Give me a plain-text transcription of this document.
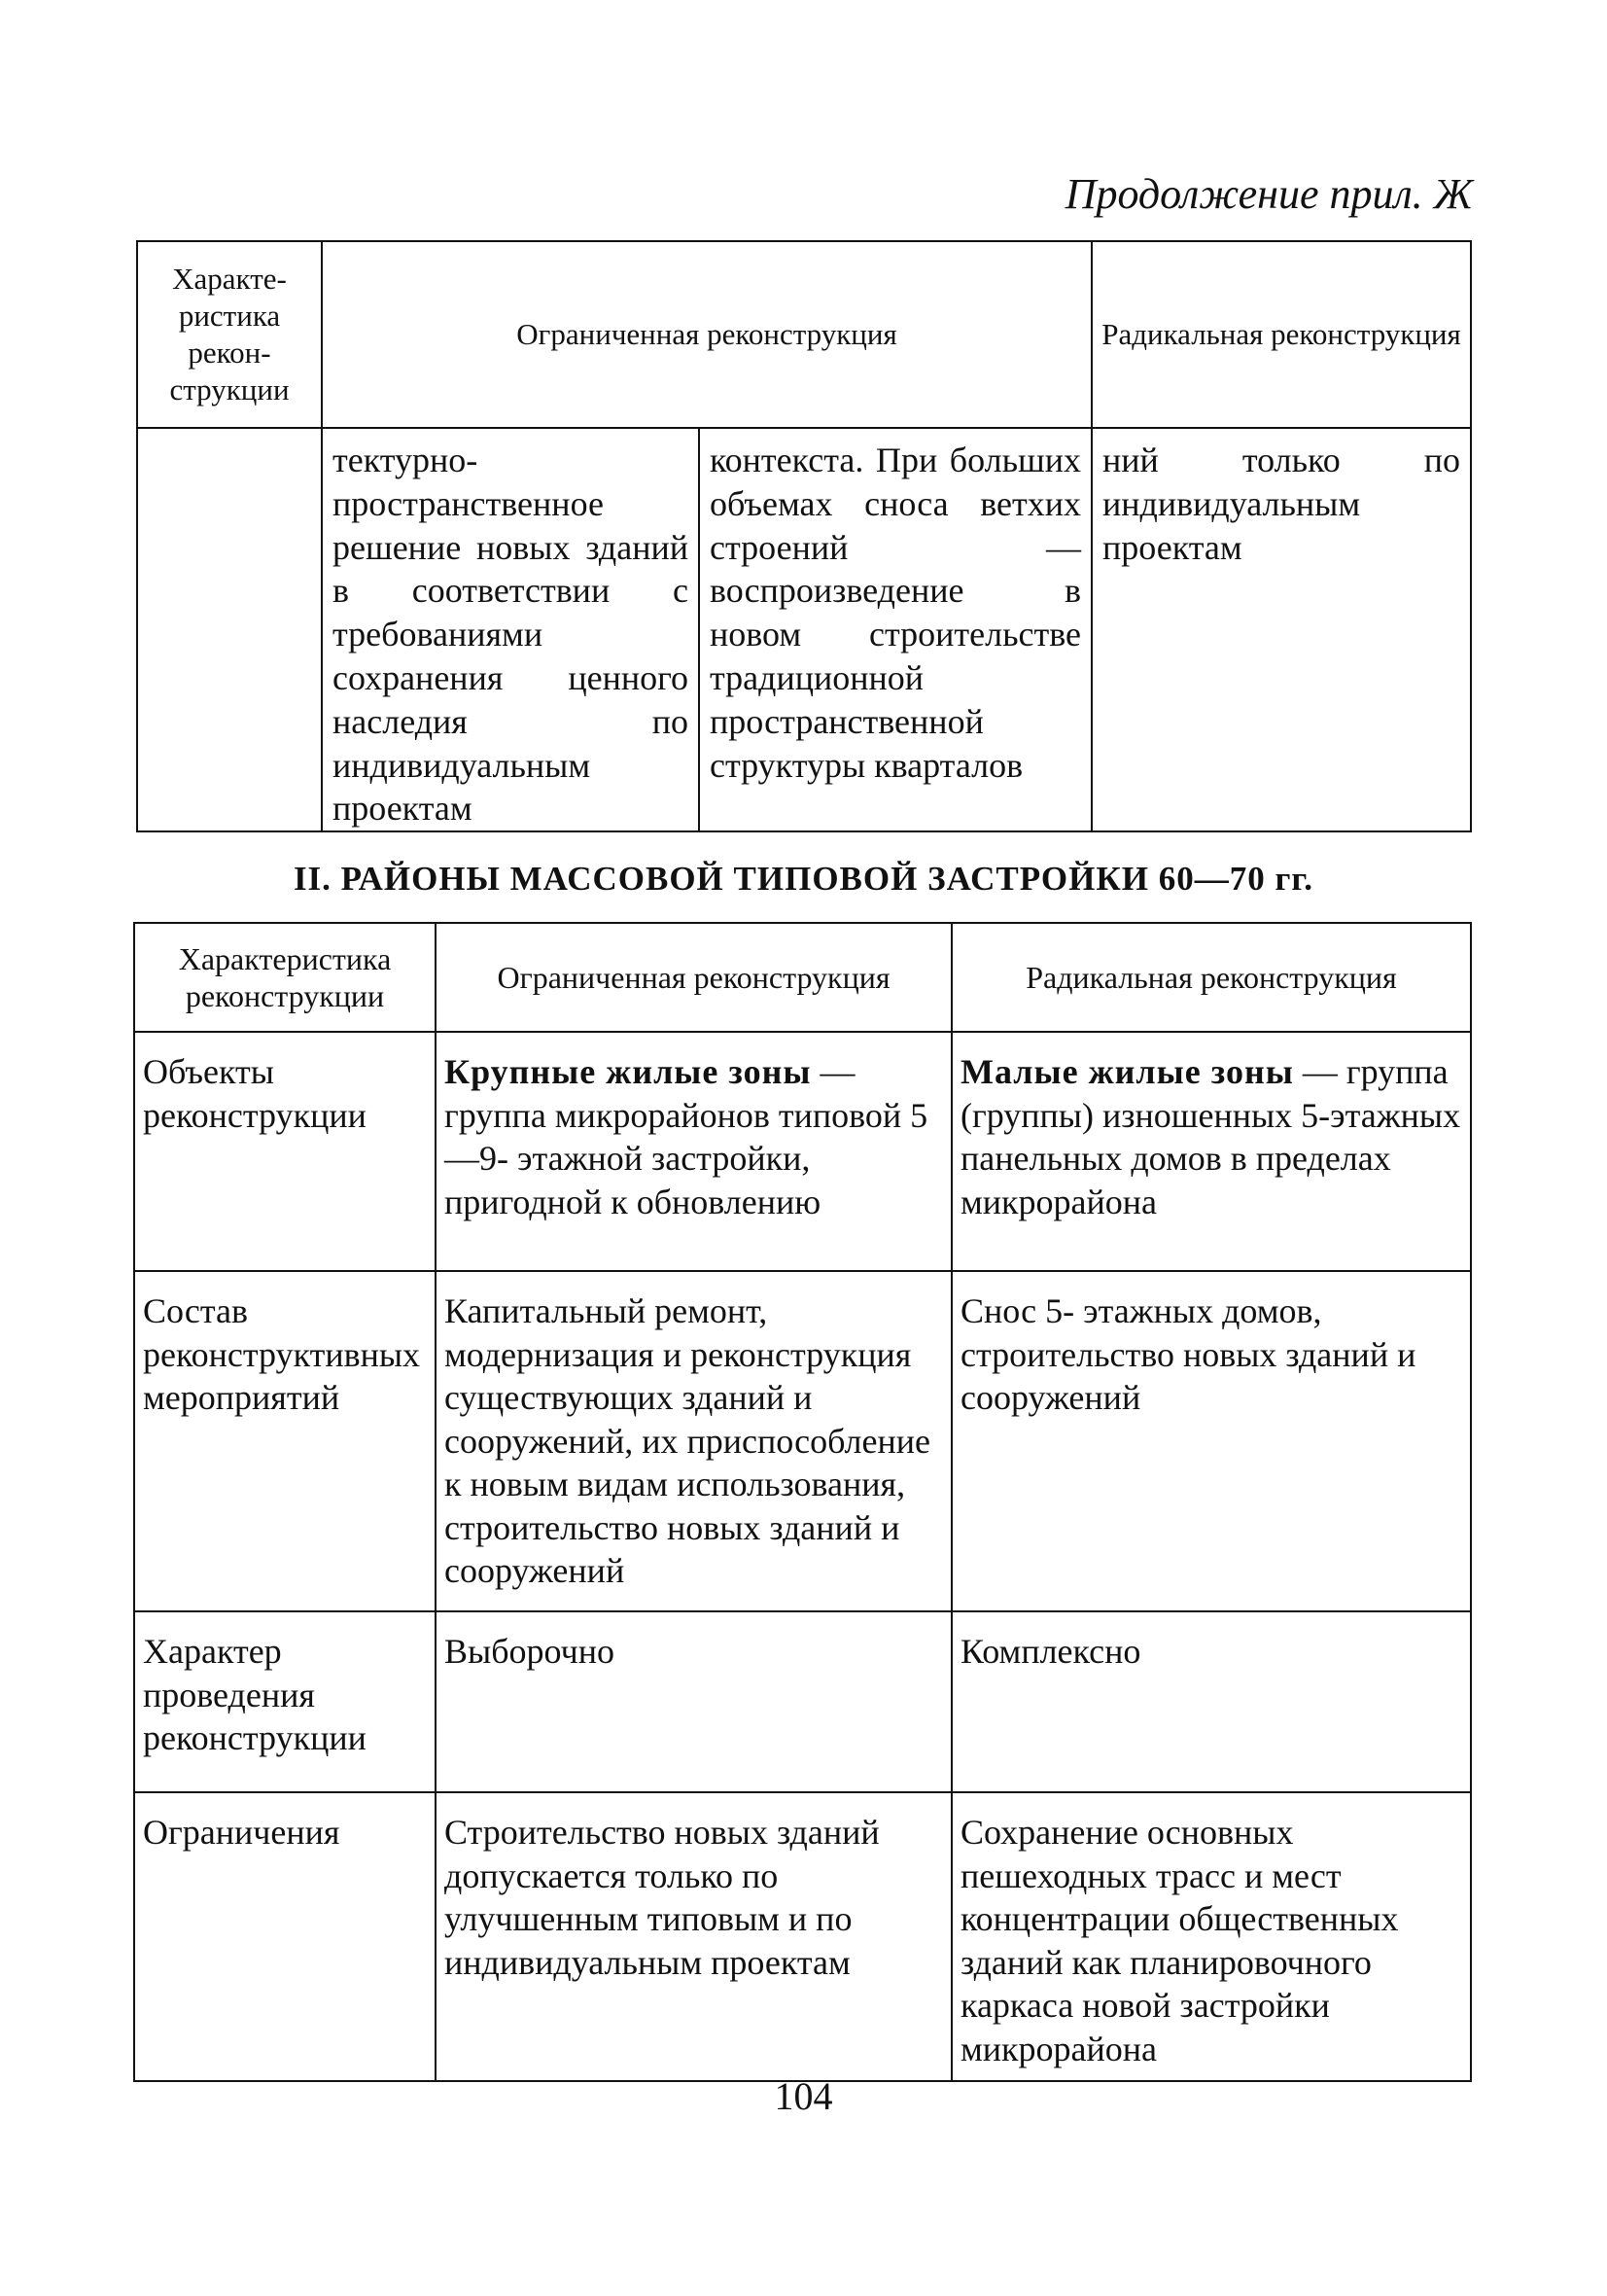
Продолжение прил. Ж
Характе-ристика рекон-струкции	Ограниченная реконструкция		Радикальная реконструкция
	тектурно-пространственное решение новых зданий в соответствии с требованиями сохранения ценного наследия по индивидуальным проектам	контекста. При больших объемах сноса ветхих строений — воспроизведение в новом строительстве традиционной пространственной структуры кварталов	ний только по индивидуальным проектам
II. РАЙОНЫ МАССОВОЙ ТИПОВОЙ ЗАСТРОЙКИ 60—70 гг.
Характеристика реконструкции	Ограниченная реконструкция	Радикальная реконструкция
Объекты реконструкции	Крупные жилые зоны — группа микрорайонов типовой 5—9- этажной застройки, пригодной к обновлению	Малые жилые зоны — группа (группы) изношенных 5-этажных панельных домов в пределах микрорайона
Состав реконструктивных мероприятий	Капитальный ремонт, модернизация и реконструкция существующих зданий и сооружений, их приспособление к новым видам использования, строительство новых зданий и сооружений	Снос 5- этажных домов, строительство новых зданий и сооружений
Характер проведения реконструкции	Выборочно	Комплексно
Ограничения	Строительство новых зданий допускается только по улучшенным типовым и по индивидуальным проектам	Сохранение основных пешеходных трасс и мест концентрации общественных зданий как планировочного каркаса новой застройки микрорайона
104
